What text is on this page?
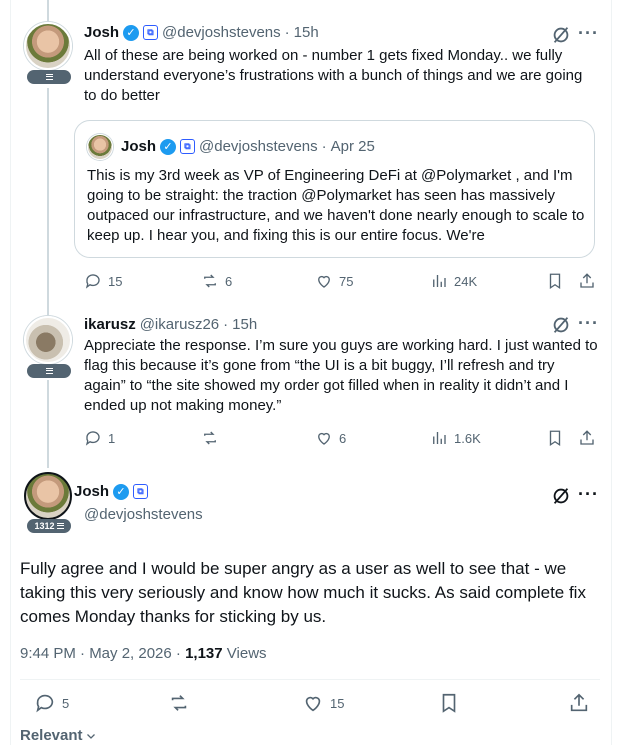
Josh ✓	⧉ @devjoshstevens · 15h	···
All of these are being worked on - number 1 gets fixed Monday.. we fully understand everyone’s frustrations with a bunch of things and we are going to do better
Josh ✓	⧉ @devjoshstevens · Apr 25
This is my 3rd week as VP of Engineering DeFi at @Polymarket , and I'm going to be straight: the traction @Polymarket has seen has massively outpaced our infrastructure, and we haven't done nearly enough to scale to keep up. I hear you, and fixing this is our entire focus. We're
15	6	75	24K
ikarusz @ikarusz26 · 15h	···
Appreciate the response. I’m sure you guys are working hard. I just wanted to flag this because it’s gone from “the UI is a bit buggy, I’ll refresh and try again” to “the site showed my order got filled when in reality it didn’t and I ended up not making money.”
1	6	1.6K
1312
Josh ✓	⧉
@devjoshstevens
···
Fully agree and I would be super angry as a user as well to see that - we taking this very seriously and know how much it sucks. As said complete fix comes Monday thanks for sticking by us.
9:44 PM · May 2, 2026 · 1,137 Views
5	15
Relevant
